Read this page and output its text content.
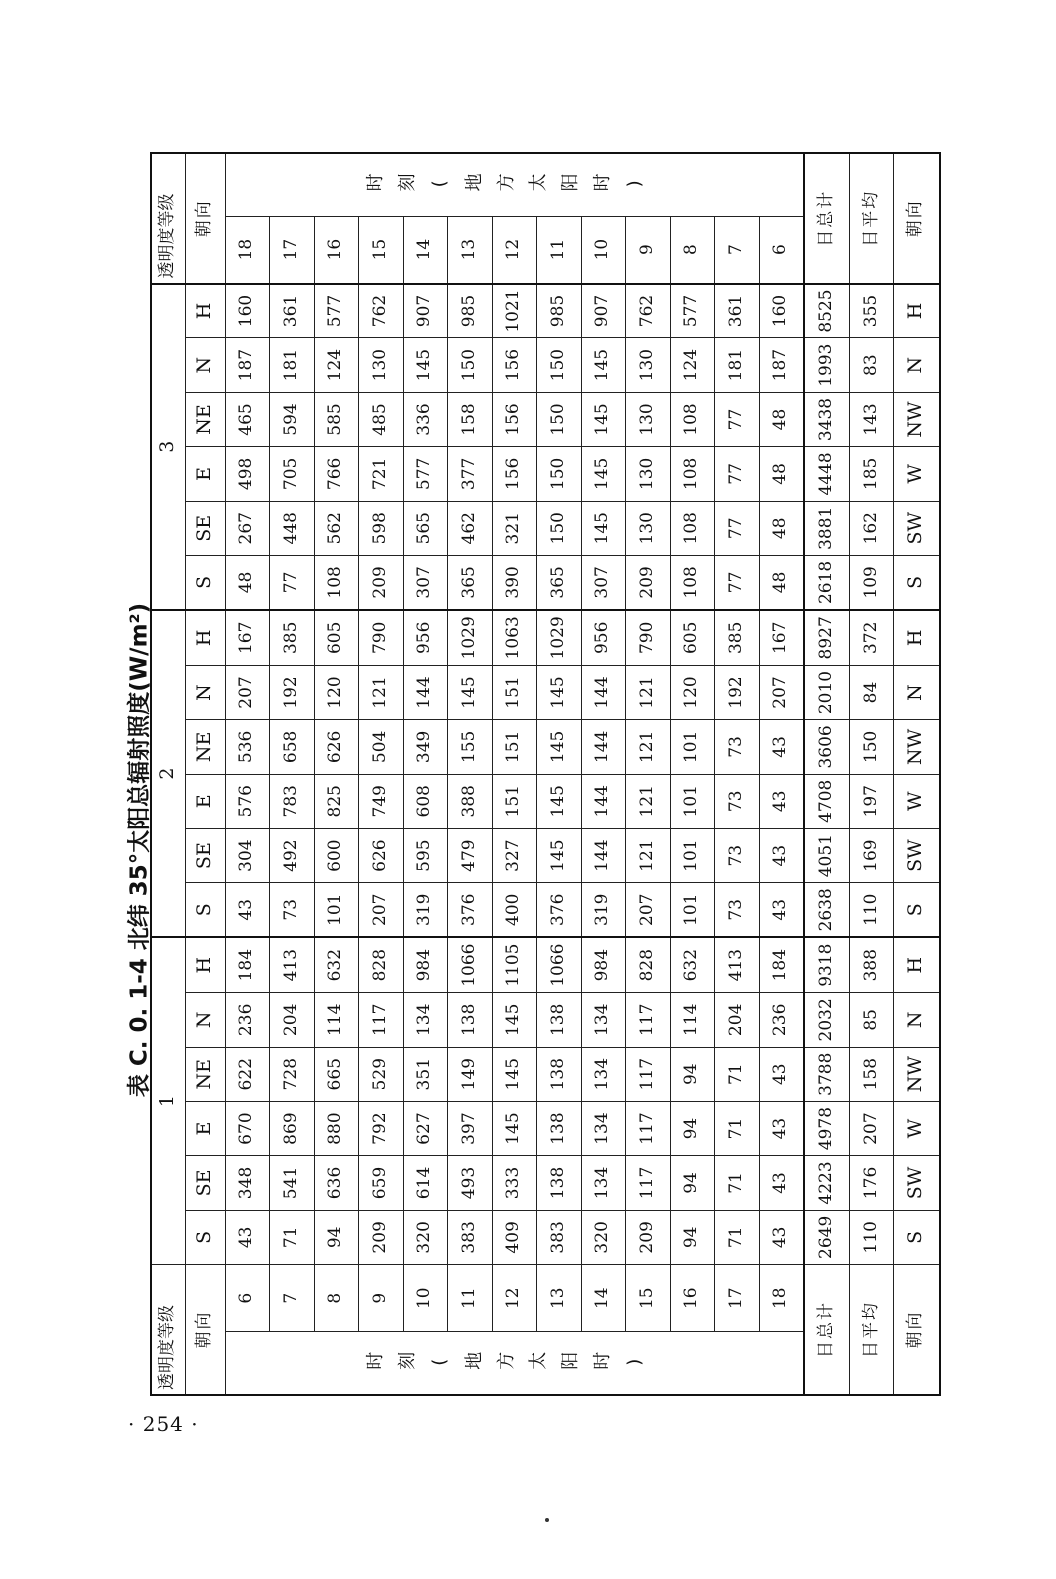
表 C. 0. 1-4 北纬 35°太阳总辐射照度(W/m²)
· 254 ·
透明度等级		1						2						3						透明度等级	
朝向		S	SE	E	NE	N	H	S	SE	E	NE	N	H	S	SE	E	NE	N	H	朝向	
时刻(地方太阳时)	6	43	348	670	622	236	184	43	304	576	536	207	167	48	267	498	465	187	160	18	时刻(地方太阳时)
	7	71	541	869	728	204	413	73	492	783	658	192	385	77	448	705	594	181	361	17	
	8	94	636	880	665	114	632	101	600	825	626	120	605	108	562	766	585	124	577	16	
	9	209	659	792	529	117	828	207	626	749	504	121	790	209	598	721	485	130	762	15	
	10	320	614	627	351	134	984	319	595	608	349	144	956	307	565	577	336	145	907	14	
	11	383	493	397	149	138	1066	376	479	388	155	145	1029	365	462	377	158	150	985	13	
	12	409	333	145	145	145	1105	400	327	151	151	151	1063	390	321	156	156	156	1021	12	
	13	383	138	138	138	138	1066	376	145	145	145	145	1029	365	150	150	150	150	985	11	
	14	320	134	134	134	134	984	319	144	144	144	144	956	307	145	145	145	145	907	10	
	15	209	117	117	117	117	828	207	121	121	121	121	790	209	130	130	130	130	762	9	
	16	94	94	94	94	114	632	101	101	101	101	120	605	108	108	108	108	124	577	8	
	17	71	71	71	71	204	413	73	73	73	73	192	385	77	77	77	77	181	361	7	
	18	43	43	43	43	236	184	43	43	43	43	207	167	48	48	48	48	187	160	6	
日总计		2649	4223	4978	3788	2032	9318	2638	4051	4708	3606	2010	8927	2618	3881	4448	3438	1993	8525	日总计	
日平均		110	176	207	158	85	388	110	169	197	150	84	372	109	162	185	143	83	355	日平均	
朝向		S	SW	W	NW	N	H	S	SW	W	NW	N	H	S	SW	W	NW	N	H	朝向	
